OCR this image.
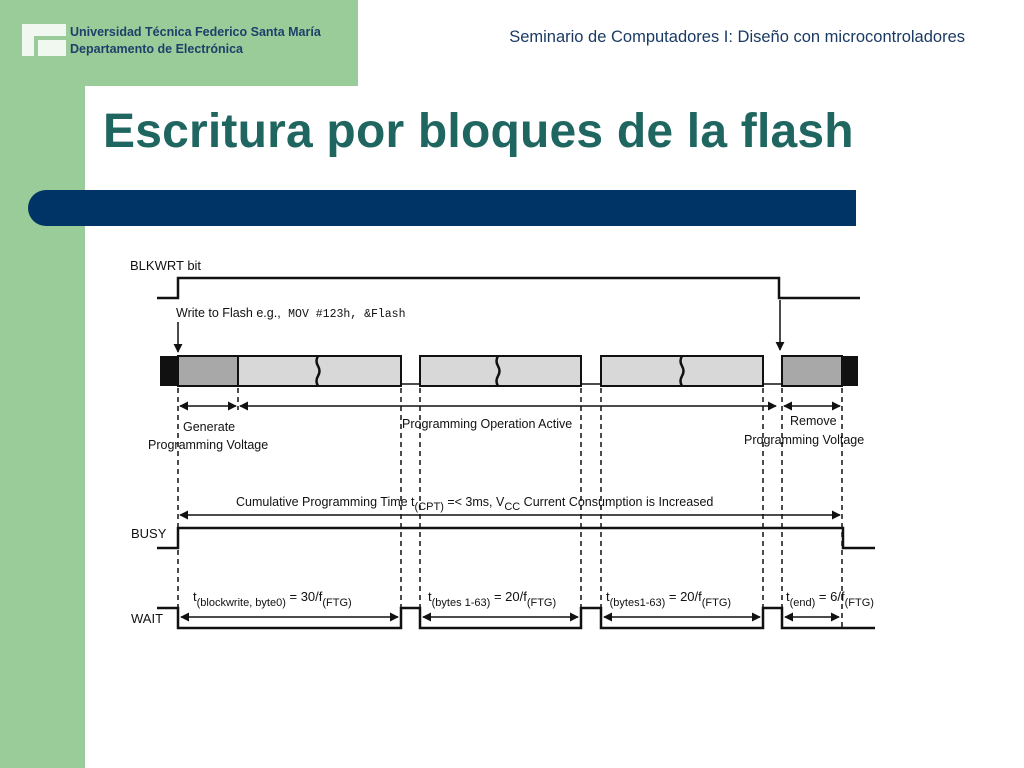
Universidad Técnica Federico Santa María
Departamento de Electrónica
Seminario de Computadores I: Diseño con microcontroladores
Escritura por bloques de la flash
BLKWRT bit
Write to Flash e.g., MOV #123h, &Flash
Generate
Programming Voltage
Programming Operation Active	Remove
Programming Voltage
Cumulative Programming Time t(CPT) =< 3ms, VCC Current Consumption is Increased
BUSY
WAIT
$t_{(blockwrite, byte0)} = 30/f_{(FTG)}$	$t_{(bytes 1-63)} = 20/f_{(FTG)}$	$t_{(bytes1-63)} = 20/f_{(FTG)}$	$t_{(end)} = 6/f_{(FTG)}$
